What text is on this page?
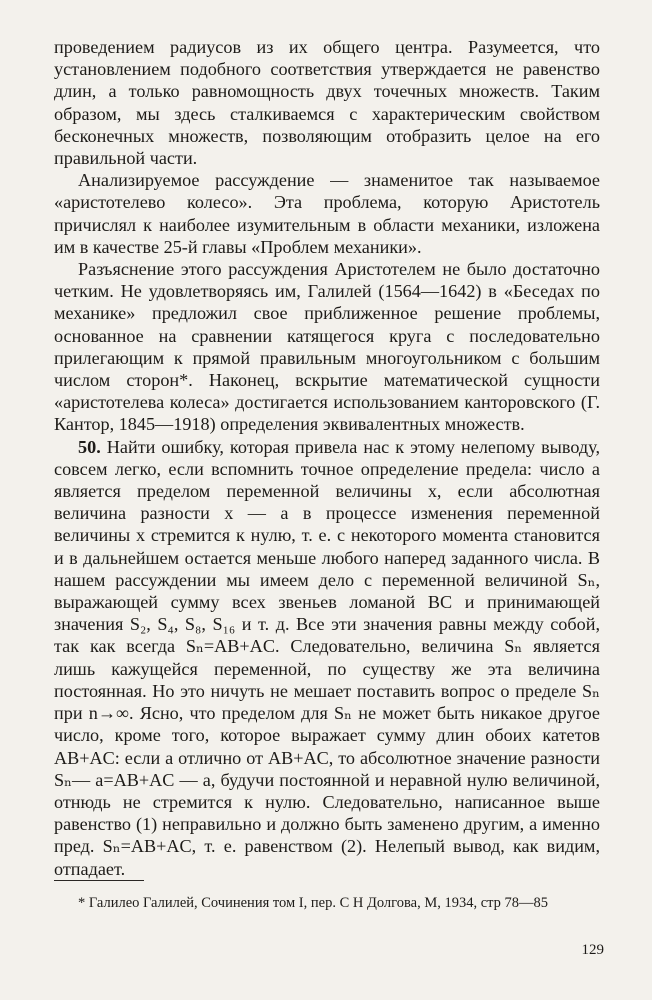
проведением радиусов из их общего центра. Разумеется, что установлением подобного соответствия утверждается не равенство длин, а только равномощность двух точечных множеств. Таким образом, мы здесь сталкиваемся с характерическим свойством бесконечных множеств, позволяющим отобразить целое на его правильной части.

Анализируемое рассуждение — знаменитое так называемое «аристотелево колесо». Эта проблема, которую Аристотель причислял к наиболее изумительным в области механики, изложена им в качестве 25-й главы «Проблем механики».

Разъяснение этого рассуждения Аристотелем не было достаточно четким. Не удовлетворяясь им, Галилей (1564—1642) в «Беседах по механике» предложил свое приближенное решение проблемы, основанное на сравнении катящегося круга с последовательно прилегающим к прямой правильным многоугольником с большим числом сторон*. Наконец, вскрытие математической сущности «аристотелева колеса» достигается использованием канторовского (Г. Кантор, 1845—1918) определения эквивалентных множеств.

50. Найти ошибку, которая привела нас к этому нелепому выводу, совсем легко, если вспомнить точное определение предела: число a является пределом переменной величины x, если абсолютная величина разности x — a в процессе изменения переменной величины x стремится к нулю, т. е. с некоторого момента становится и в дальнейшем остается меньше любого наперед заданного числа. В нашем рассуждении мы имеем дело с переменной величиной Sₙ, выражающей сумму всех звеньев ломаной BC и принимающей значения S₂, S₄, S₈, S₁₆ и т. д. Все эти значения равны между собой, так как всегда Sₙ=AB+AC. Следовательно, величина Sₙ является лишь кажущейся переменной, по существу же эта величина постоянная. Но это ничуть не мешает поставить вопрос о пределе Sₙ при n→∞. Ясно, что пределом для Sₙ не может быть никакое другое число, кроме того, которое выражает сумму длин обоих катетов AB+AC: если a отлично от AB+AC, то абсолютное значение разности Sₙ— a=AB+AC — a, будучи постоянной и неравной нулю величиной, отнюдь не стремится к нулю. Следовательно, написанное выше равенство (1) неправильно и должно быть заменено другим, а именно пред. Sₙ=AB+AC, т. е. равенством (2). Нелепый вывод, как видим, отпадает.

* Галилео Галилей, Сочинения том I, пер. С Н Долгова, М, 1934, стр 78—85
129
